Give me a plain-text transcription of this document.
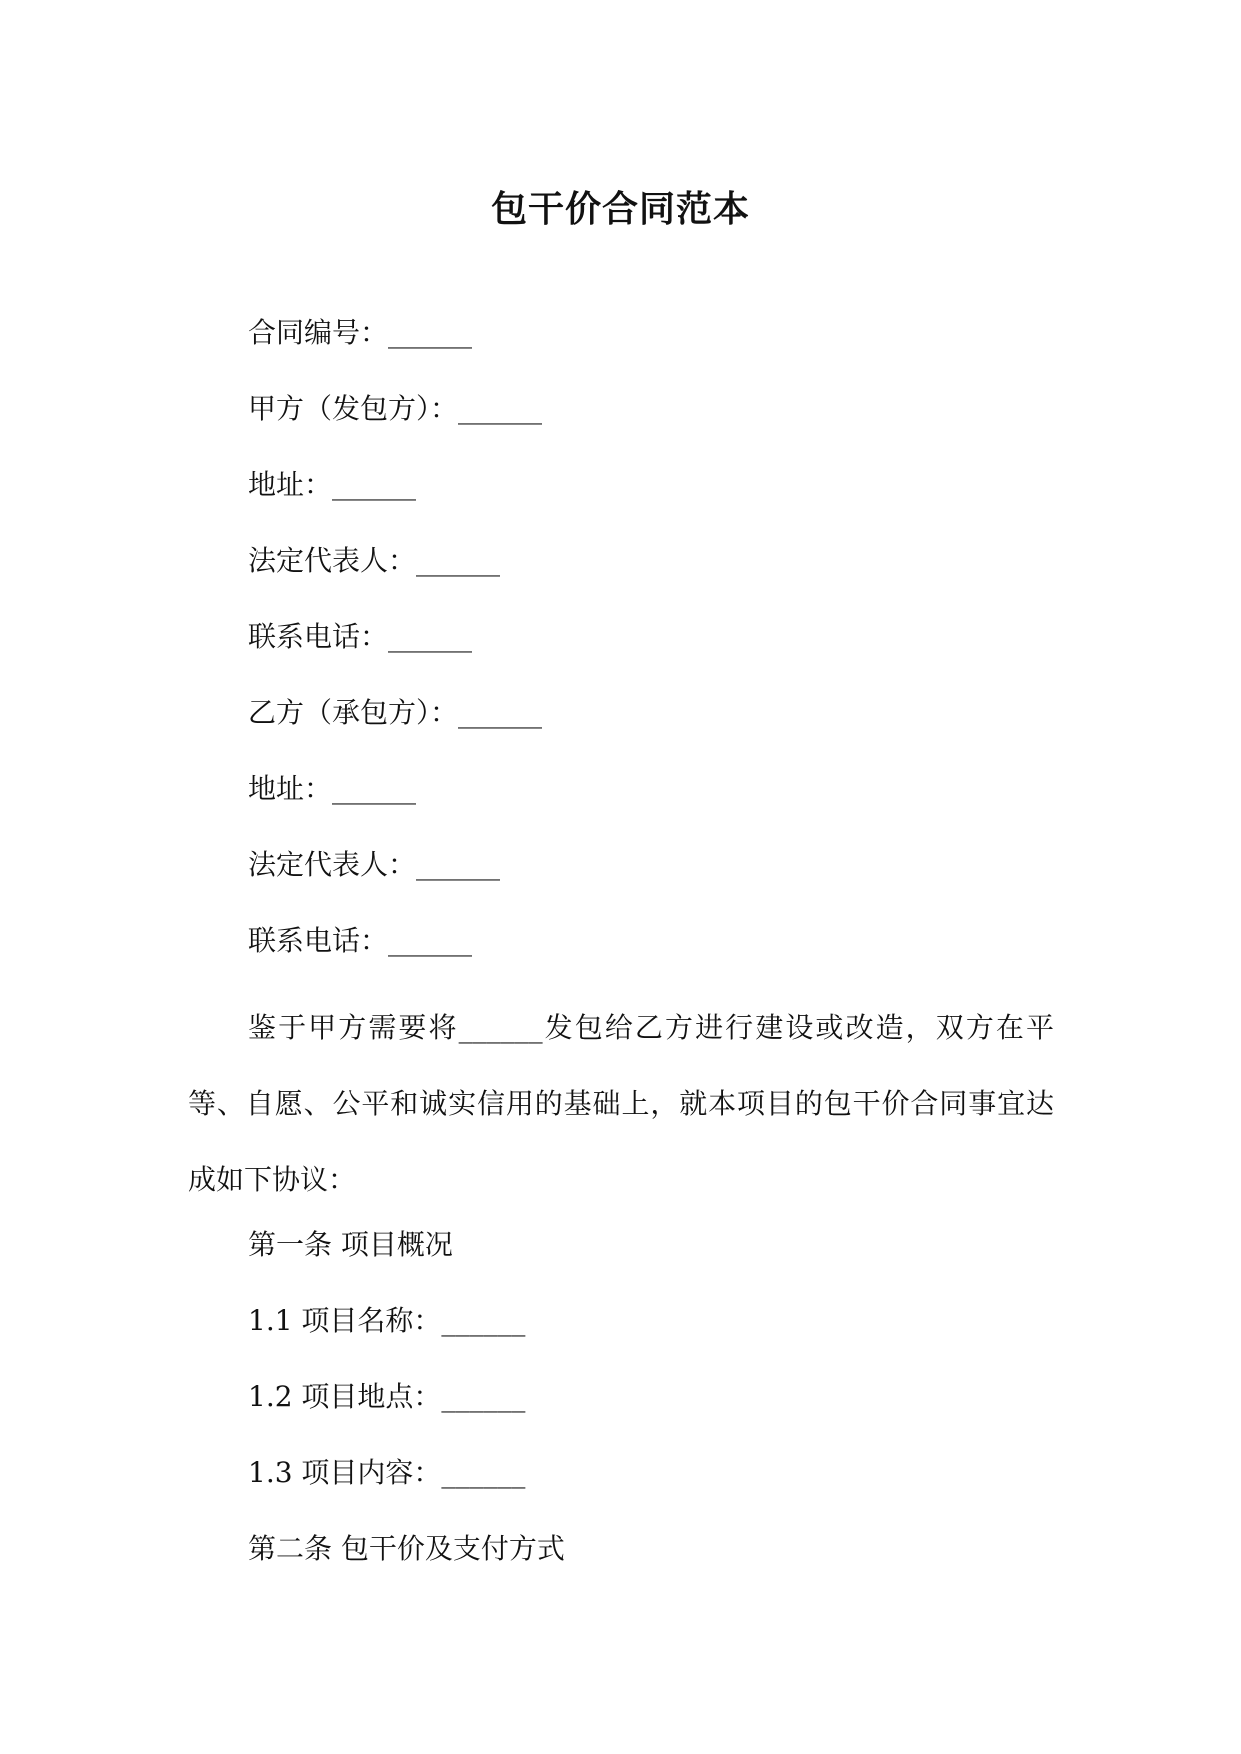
包干价合同范本
合同编号：______
甲方（发包方）：______
地址：______
法定代表人：______
联系电话：______
乙方（承包方）：______
地址：______
法定代表人：______
联系电话：______
鉴于甲方需要将______发包给乙方进行建设或改造，双方在平等、自愿、公平和诚实信用的基础上，就本项目的包干价合同事宜达成如下协议：
第一条 项目概况
1.1 项目名称：______
1.2 项目地点：______
1.3 项目内容：______
第二条 包干价及支付方式
